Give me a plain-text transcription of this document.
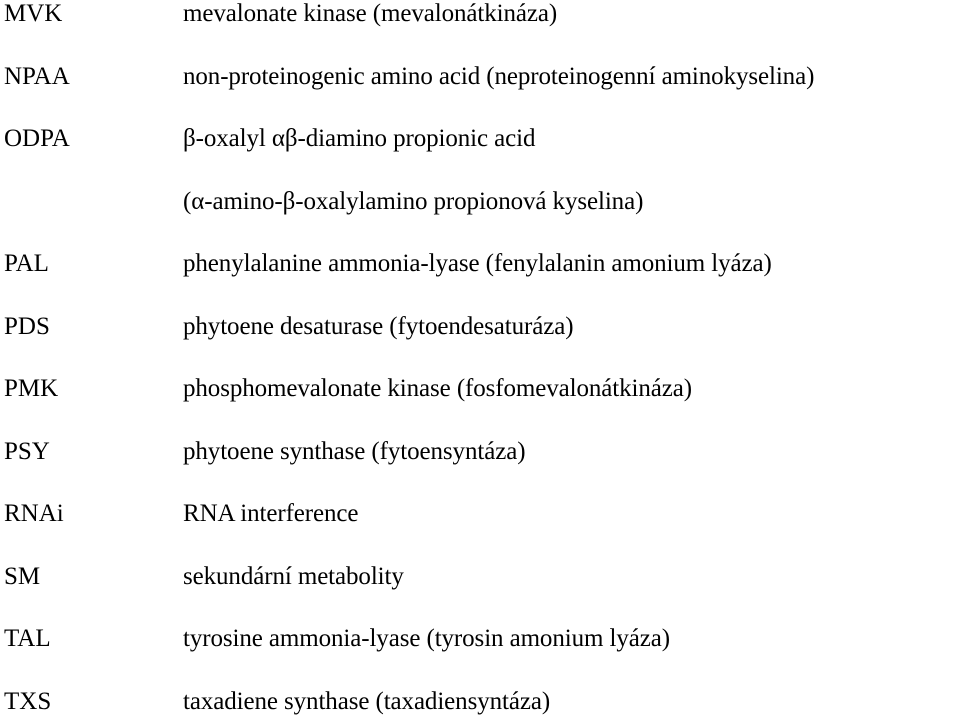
MVK	mevalonate kinase (mevalonátkináza)
NPAA	non-proteinogenic amino acid (neproteinogenní aminokyselina)
ODPA	β-oxalyl αβ-diamino propionic acid
(α-amino-β-oxalylamino propionová kyselina)
PAL	phenylalanine ammonia-lyase (fenylalanin amonium lyáza)
PDS	phytoene desaturase (fytoendesaturáza)
PMK	phosphomevalonate kinase (fosfomevalonátkináza)
PSY	phytoene synthase (fytoensyntáza)
RNAi	RNA interference
SM	sekundární metabolity
TAL	tyrosine ammonia-lyase (tyrosin amonium lyáza)
TXS	taxadiene synthase (taxadiensyntáza)
